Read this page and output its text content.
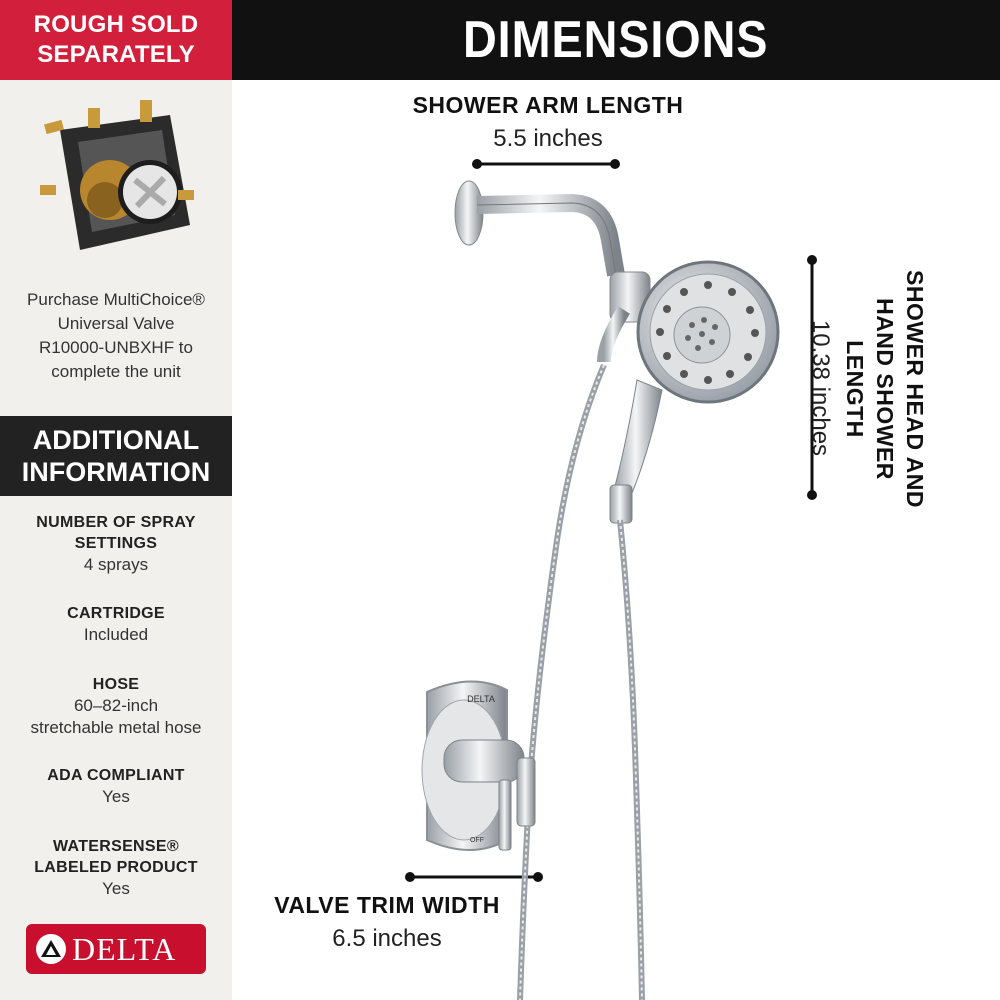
ROUGH SOLD
SEPARATELY
Purchase MultiChoice®
Universal Valve
R10000-UNBXHF to
complete the unit
ADDITIONAL
INFORMATION
NUMBER OF SPRAY
SETTINGS
4 sprays
CARTRIDGE
Included
HOSE
60–82-inch
stretchable metal hose
ADA COMPLIANT
Yes
WATERSENSE®
LABELED PRODUCT
Yes
DELTA
DIMENSIONS
DELTA
OFF
SHOWER ARM LENGTH
5.5 inches
SHOWER HEAD AND
HAND SHOWER LENGTH
10.38 inches
VALVE TRIM WIDTH
6.5 inches
